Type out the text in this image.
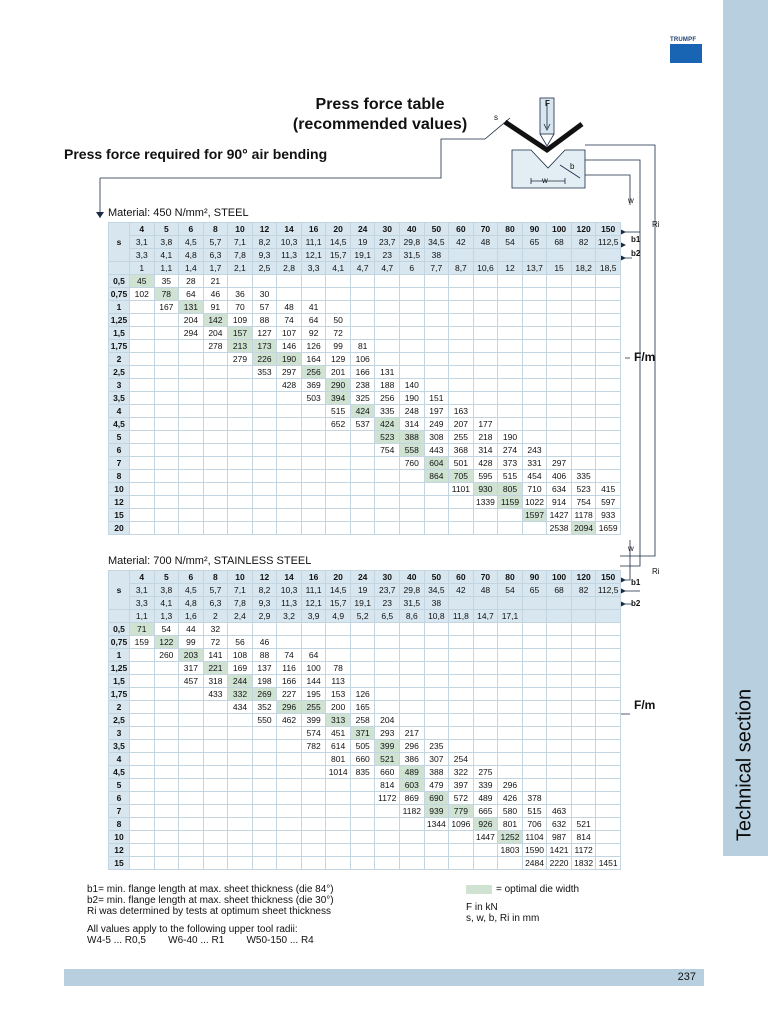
Technical section
TRUMPF
Press force table
(recommended values)
Press force required for 90° air bending
F
s
w
b
w
Ri
b1
b2
F/m
w
Ri
b1
b2
F/m
Material: 450 N/mm², STEEL
s	4	5	6	8	10	12	14	16	20	24	30	40	50	60	70	80	90	100	120	150
	3,1	3,8	4,5	5,7	7,1	8,2	10,3	11,1	14,5	19	23,7	29,8	34,5	42	48	54	65	68	82	112,5
	3,3	4,1	4,8	6,3	7,8	9,3	11,3	12,1	15,7	19,1	23	31,5	38							
	1	1,1	1,4	1,7	2,1	2,5	2,8	3,3	4,1	4,7	4,7	6	7,7	8,7	10,6	12	13,7	15	18,2	18,5
0,5	45	35	28	21																
0,75	102	78	64	46	36	30														
1		167	131	91	70	57	48	41												
1,25			204	142	109	88	74	64	50											
1,5			294	204	157	127	107	92	72											
1,75				278	213	173	146	126	99	81										
2					279	226	190	164	129	106										
2,5						353	297	256	201	166	131									
3							428	369	290	238	188	140								
3,5								503	394	325	256	190	151							
4									515	424	335	248	197	163						
4,5									652	537	424	314	249	207	177					
5											523	388	308	255	218	190				
6											754	558	443	368	314	274	243			
7												760	604	501	428	373	331	297		
8													864	705	595	515	454	406	335	
10														1101	930	805	710	634	523	415
12															1339	1159	1022	914	754	597
15																	1597	1427	1178	933
20																		2538	2094	1659
Material: 700 N/mm², STAINLESS STEEL
s	4	5	6	8	10	12	14	16	20	24	30	40	50	60	70	80	90	100	120	150
	3,1	3,8	4,5	5,7	7,1	8,2	10,3	11,1	14,5	19	23,7	29,8	34,5	42	48	54	65	68	82	112,5
	3,3	4,1	4,8	6,3	7,8	9,3	11,3	12,1	15,7	19,1	23	31,5	38							
	1,1	1,3	1,6	2	2,4	2,9	3,2	3,9	4,9	5,2	6,5	8,6	10,8	11,8	14,7	17,1				
0,5	71	54	44	32																
0,75	159	122	99	72	56	46														
1		260	203	141	108	88	74	64												
1,25			317	221	169	137	116	100	78											
1,5			457	318	244	198	166	144	113											
1,75				433	332	269	227	195	153	126										
2					434	352	296	255	200	165										
2,5						550	462	399	313	258	204									
3								574	451	371	293	217								
3,5								782	614	505	399	296	235							
4									801	660	521	386	307	254						
4,5									1014	835	660	489	388	322	275					
5											814	603	479	397	339	296				
6											1172	869	690	572	489	426	378			
7												1182	939	779	665	580	515	463		
8													1344	1096	926	801	706	632	521	
10															1447	1252	1104	987	814	
12																1803	1590	1421	1172	
15																	2484	2220	1832	1451
b1= min. flange length at max. sheet thickness (die 84°)
b2= min. flange length at max. sheet thickness (die 30°)
Ri was determined by tests at optimum sheet thickness
All values apply to the following upper tool radii:
W4-5 ... R0,5        W6-40 ... R1        W50-150 ... R4
= optimal die width
F in kN
s, w, b, Ri in mm
237
